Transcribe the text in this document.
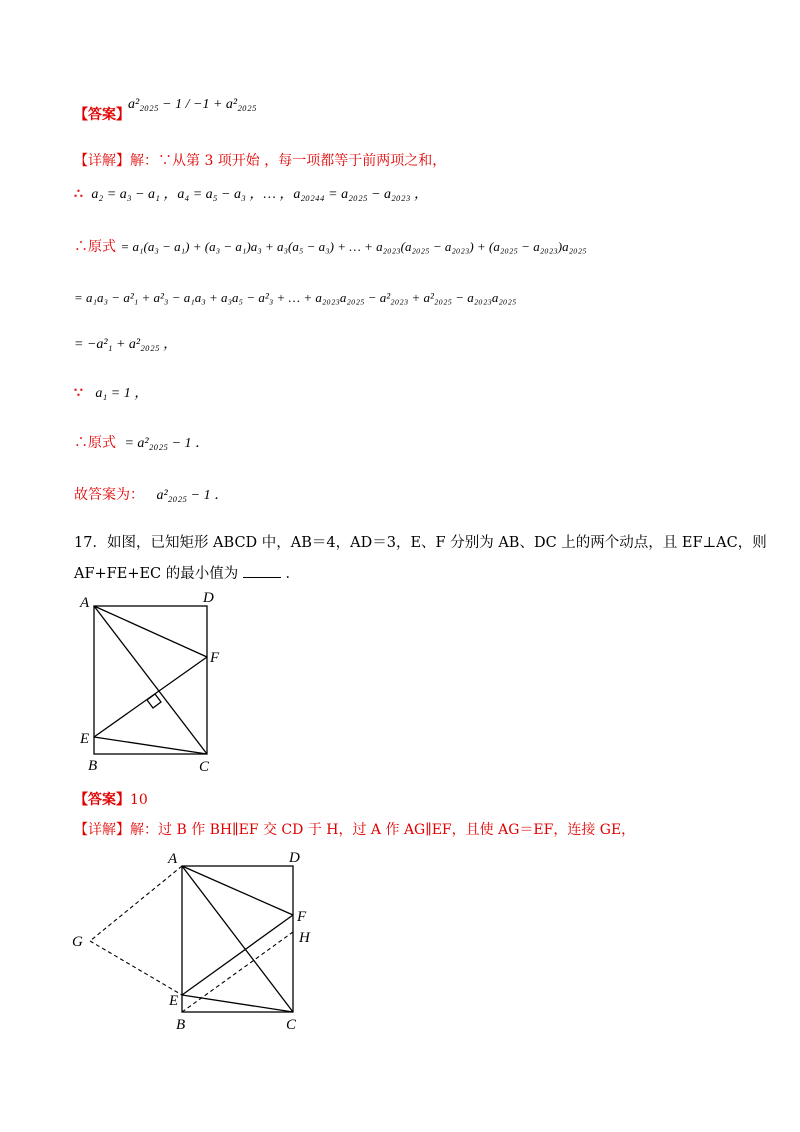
【答案】
a²₂₀₂₅ − 1 / −1 + a²₂₀₂₅
【详解】解：∵从第 3 项开始 ，每一项都等于前两项之和，
∴ a₂ = a₃ − a₁ ，a₄ = a₅ − a₃ ，… ，a₂₀₂₄₄ = a₂₀₂₅ − a₂₀₂₃ ，
∴原式 = a₁(a₃ − a₁) + (a₃ − a₁)a₃ + a₃(a₅ − a₃) + … + a₂₀₂₃(a₂₀₂₅ − a₂₀₂₃) + (a₂₀₂₅ − a₂₀₂₃)a₂₀₂₅
= a₁a₃ − a²₁ + a²₃ − a₁a₃ + a₃a₅ − a²₃ + … + a₂₀₂₃a₂₀₂₅ − a²₂₀₂₃ + a²₂₀₂₅ − a₂₀₂₃a₂₀₂₅
= −a²₁ + a²₂₀₂₅ ，
∵ a₁ = 1 ，
∴原式 = a²₂₀₂₅ − 1 ．
故答案为： a²₂₀₂₅ − 1 ．
17．如图，已知矩形 ABCD 中，AB＝4，AD＝3，E、F 分别为 AB、DC 上的两个动点，且 EF⊥AC，则
AF+FE+EC 的最小值为	．
A	D
F
E
B	C
【答案】10
【详解】解：过 B 作 BH∥EF 交 CD 于 H，过 A 作 AG∥EF，且使 AG＝EF，连接 GE，
A	D
F
H
G
E
B	C
